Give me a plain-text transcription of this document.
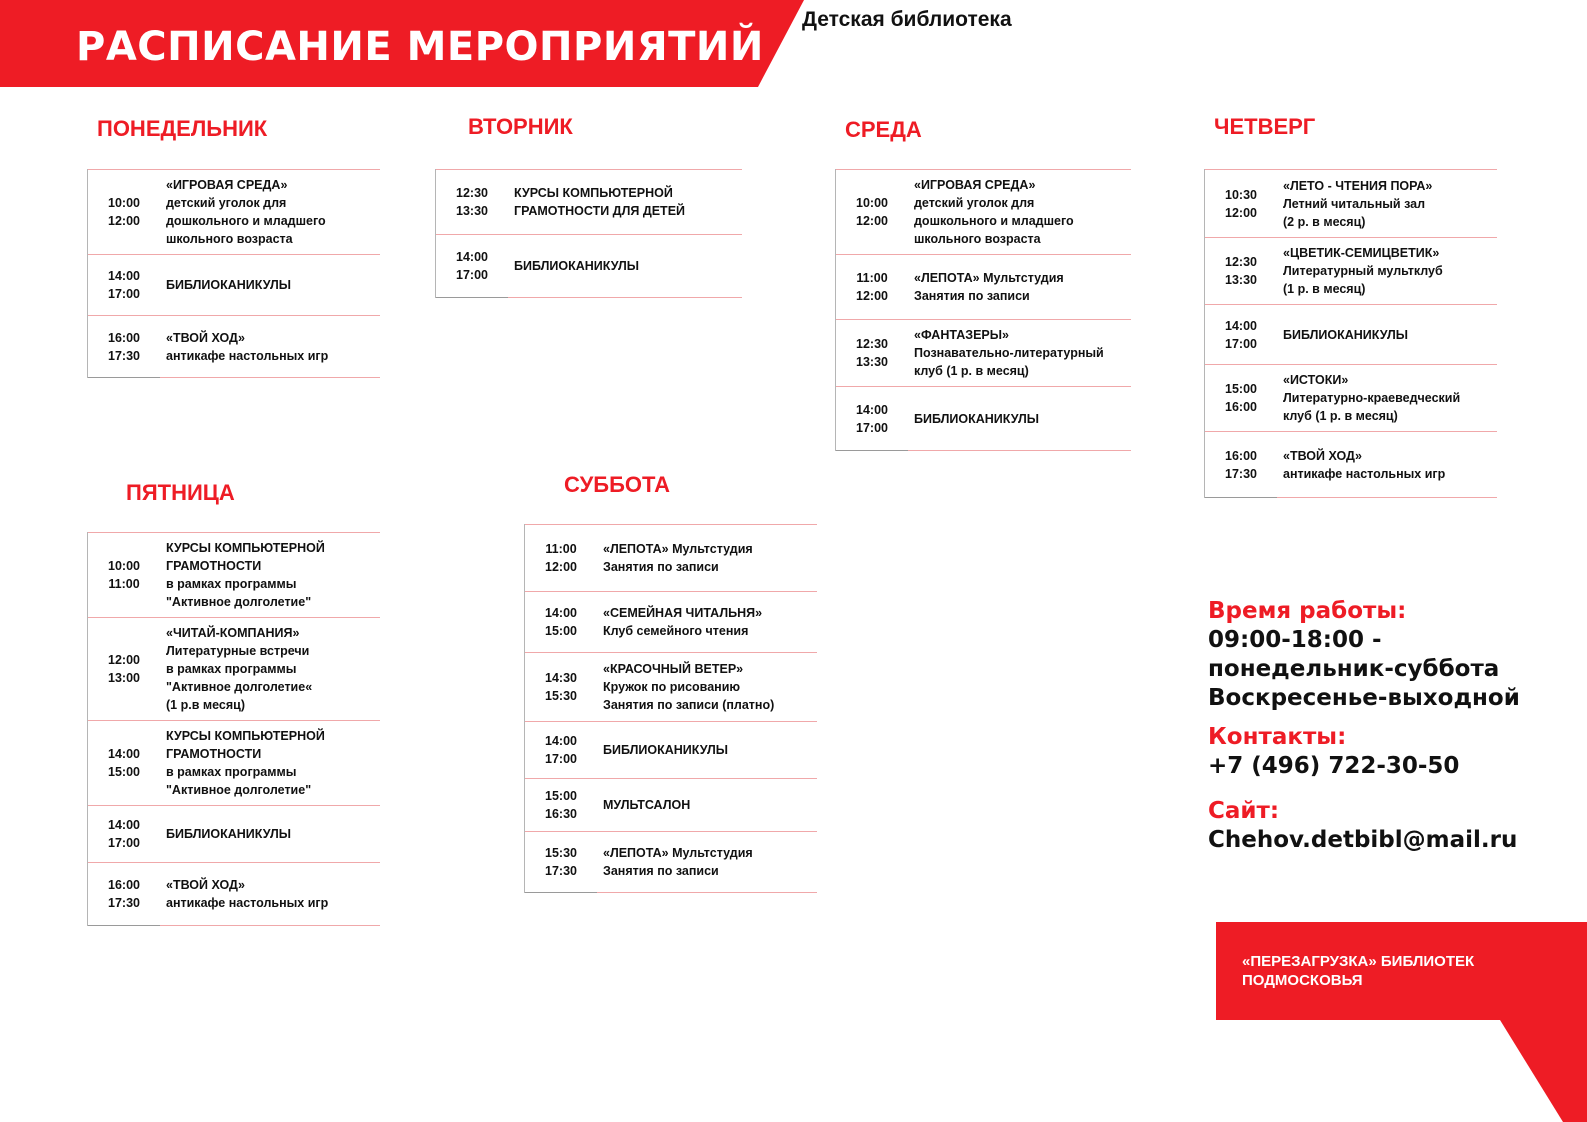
РАСПИСАНИЕ МЕРОПРИЯТИЙ
Детская библиотека
ПОНЕДЕЛЬНИК
10:00
12:00
«ИГРОВАЯ СРЕДА»
детский уголок для
дошкольного и младшего
школьного возраста
14:00
17:00
БИБЛИОКАНИКУЛЫ
16:00
17:30
«ТВОЙ ХОД»
антикафе настольных игр
ВТОРНИК
12:30
13:30
КУРСЫ КОМПЬЮТЕРНОЙ
ГРАМОТНОСТИ ДЛЯ ДЕТЕЙ
14:00
17:00
БИБЛИОКАНИКУЛЫ
СРЕДА
10:00
12:00
«ИГРОВАЯ СРЕДА»
детский уголок для
дошкольного и младшего
школьного возраста
11:00
12:00
«ЛЕПОТА» Мультстудия
Занятия по записи
12:30
13:30
«ФАНТАЗЕРЫ»
Познавательно-литературный
клуб (1 р. в месяц)
14:00
17:00
БИБЛИОКАНИКУЛЫ
ЧЕТВЕРГ
10:30
12:00
«ЛЕТО - ЧТЕНИЯ ПОРА»
Летний читальный зал
(2 р. в месяц)
12:30
13:30
«ЦВЕТИК-СЕМИЦВЕТИК»
Литературный мультклуб
(1 р. в месяц)
14:00
17:00
БИБЛИОКАНИКУЛЫ
15:00
16:00
«ИСТОКИ»
Литературно-краеведческий
клуб (1 р. в месяц)
16:00
17:30
«ТВОЙ ХОД»
антикафе настольных игр
ПЯТНИЦА
10:00
11:00
КУРСЫ КОМПЬЮТЕРНОЙ
ГРАМОТНОСТИ
в рамках программы
"Активное долголетие"
12:00
13:00
«ЧИТАЙ-КОМПАНИЯ»
Литературные встречи
в рамках программы
"Активное долголетие«
(1 р.в месяц)
14:00
15:00
КУРСЫ КОМПЬЮТЕРНОЙ
ГРАМОТНОСТИ
в рамках программы
"Активное долголетие"
14:00
17:00
БИБЛИОКАНИКУЛЫ
16:00
17:30
«ТВОЙ ХОД»
антикафе настольных игр
СУББОТА
11:00
12:00
«ЛЕПОТА» Мультстудия
Занятия по записи
14:00
15:00
«СЕМЕЙНАЯ ЧИТАЛЬНЯ»
Клуб семейного чтения
14:30
15:30
«КРАСОЧНЫЙ ВЕТЕР»
Кружок по рисованию
Занятия по записи (платно)
14:00
17:00
БИБЛИОКАНИКУЛЫ
15:00
16:30
МУЛЬТСАЛОН
15:30
17:30
«ЛЕПОТА» Мультстудия
Занятия по записи
Время работы:
09:00-18:00 -
понедельник-суббота
Воскресенье-выходной
Контакты:
+7 (496) 722-30-50
Сайт:
Chehov.detbibl@mail.ru
«ПЕРЕЗАГРУЗКА» БИБЛИОТЕК
ПОДМОСКОВЬЯ
